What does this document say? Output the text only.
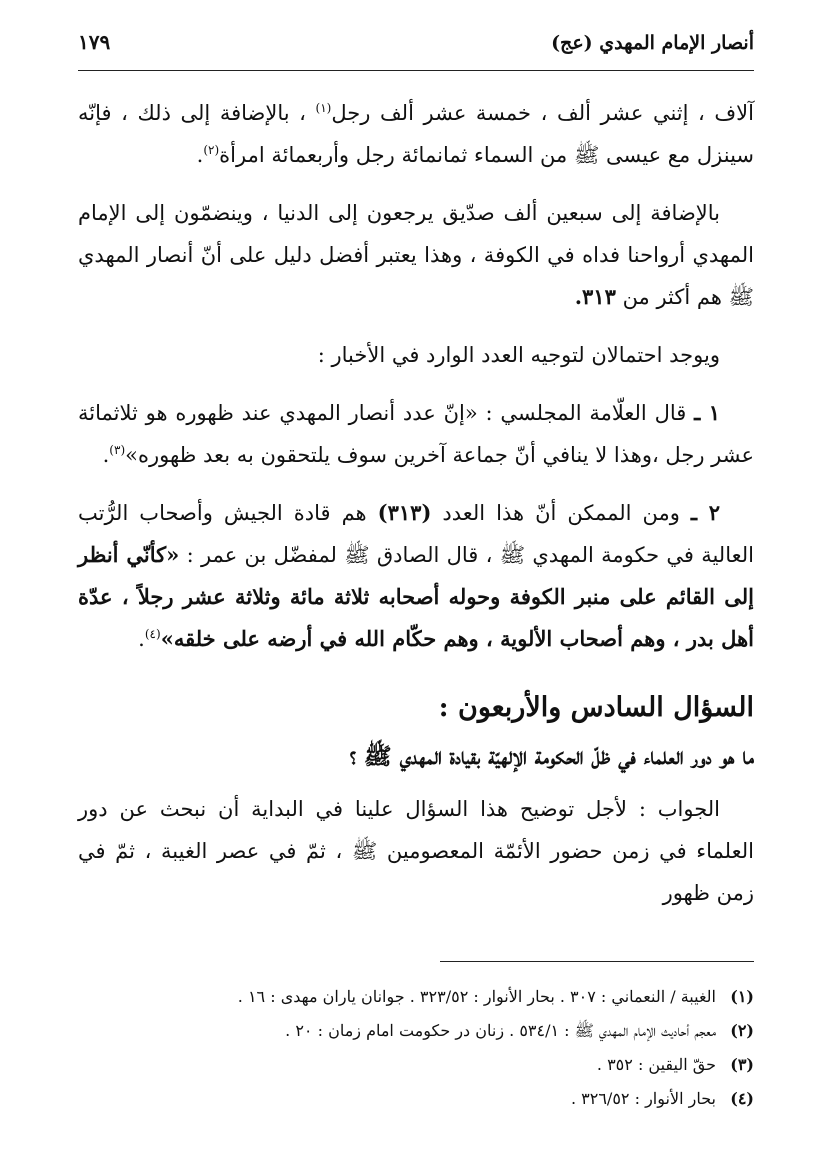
أنصار الإمام المهدي (عج)
١٧٩

آلاف ، إثني عشر ألف ، خمسة عشر ألف رجل$^{(١)}$ ، بالإضافة إلى ذلك ، فإنّه سينزل مع عيسى ﷺ من السماء ثمانمائة رجل وأربعمائة امرأة$^{(٢)}$.

بالإضافة إلى سبعين ألف صدّيق يرجعون إلى الدنيا ، وينضمّون إلى الإمام المهدي أرواحنا فداه في الكوفة ، وهذا يعتبر أفضل دليل على أنّ أنصار المهدي ﷺ هم أكثر من ٣١٣.

ويوجد احتمالان لتوجيه العدد الوارد في الأخبار :

١ ـ قال العلّامة المجلسي : «إنّ عدد أنصار المهدي عند ظهوره هو ثلاثمائة عشر رجل ،وهذا لا ينافي أنّ جماعة آخرين سوف يلتحقون به بعد ظهوره»$^{(٣)}$.

٢ ـ ومن الممكن أنّ هذا العدد (٣١٣) هم قادة الجيش وأصحاب الرُّتب العالية في حكومة المهدي ﷺ ، قال الصادق ﷺ لمفضّل بن عمر : «كأنّي أنظر إلى القائم على منبر الكوفة وحوله أصحابه ثلاثة مائة وثلاثة عشر رجلاً ، عدّة أهل بدر ، وهم أصحاب الألوية ، وهم حكّام الله في أرضه على خلقه»$^{(٤)}$.

السؤال السادس والأربعون :
ما هو دور العلماء في ظلّ الحكومة الإلهيّة بقيادة المهدي ﷺ ؟

الجواب : لأجل توضيح هذا السؤال علينا في البداية أن نبحث عن دور العلماء في زمن حضور الأئمّة المعصومين ﷺ ، ثمّ في عصر الغيبة ، ثمّ في زمن ظهور

(١)الغيبة / النعماني : ٣٠٧ . بحار الأنوار : ٣٢٣/٥٢ . جوانان ياران مهدى : ١٦ .
(٢)معجم أحاديث الإمام المهدي ﷺ : ٥٣٤/١ . زنان در حكومت امام زمان : ٢٠ .
(٣)حقّ اليقين : ٣٥٢ .
(٤)بحار الأنوار : ٣٢٦/٥٢ .
